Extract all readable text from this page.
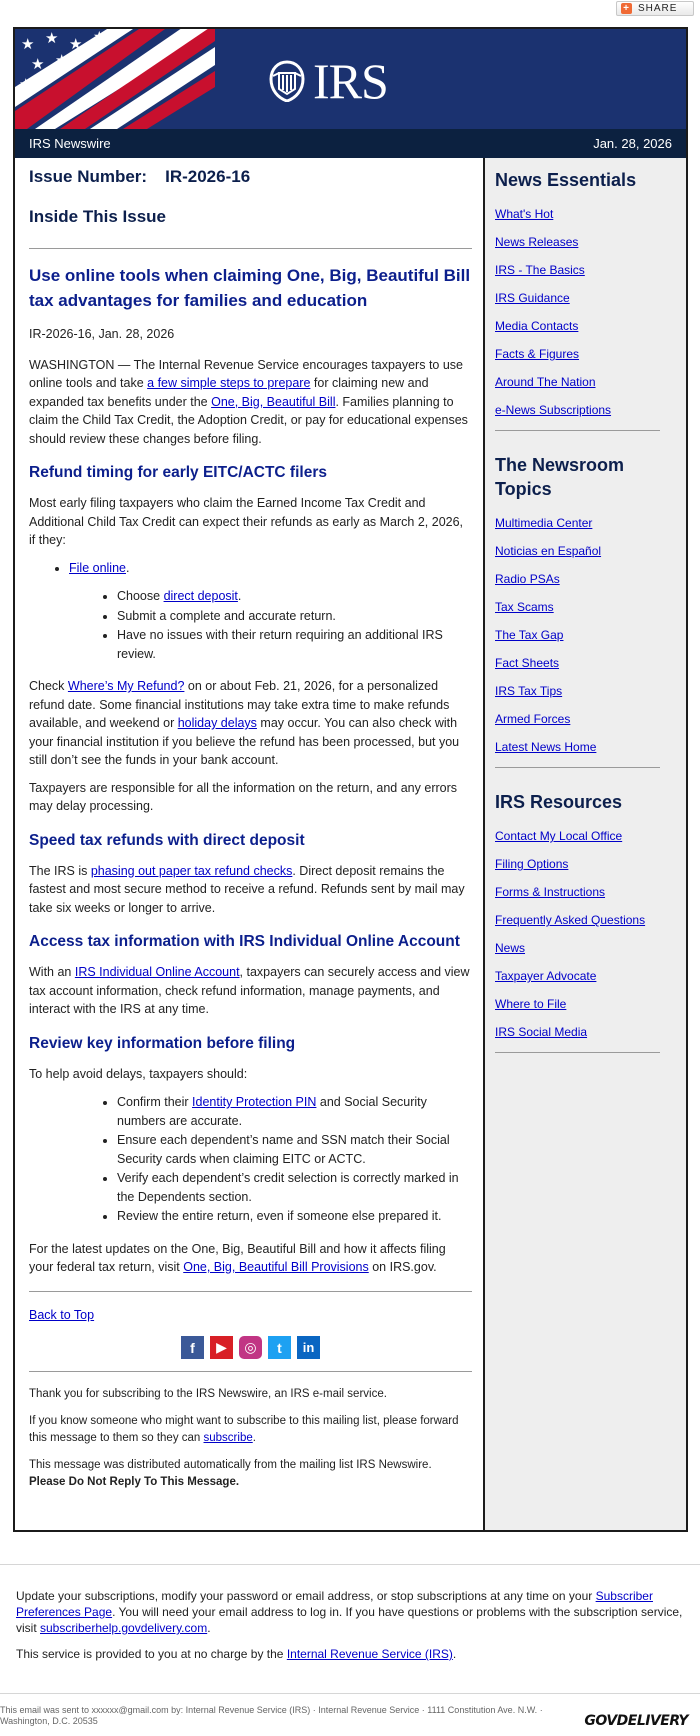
+ SHARE
★ ★ ★ ★
★ ★
★	IRS
IRS Newswire	Jan. 28, 2026

Issue Number: IR-2026-16

Inside This Issue

Use online tools when claiming One, Big, Beautiful Bill tax advantages for families and education

IR-2026-16, Jan. 28, 2026

WASHINGTON — The Internal Revenue Service encourages taxpayers to use online tools and take a few simple steps to prepare for claiming new and expanded tax benefits under the One, Big, Beautiful Bill. Families planning to claim the Child Tax Credit, the Adoption Credit, or pay for educational expenses should review these changes before filing.

Refund timing for early EITC/ACTC filers

Most early filing taxpayers who claim the Earned Income Tax Credit and Additional Child Tax Credit can expect their refunds as early as March 2, 2026, if they:

• File online.
• Choose direct deposit.
• Submit a complete and accurate return.
• Have no issues with their return requiring an additional IRS review.

Check Where’s My Refund? on or about Feb. 21, 2026, for a personalized refund date. Some financial institutions may take extra time to make refunds available, and weekend or holiday delays may occur. You can also check with your financial institution if you believe the refund has been processed, but you still don’t see the funds in your bank account.

Taxpayers are responsible for all the information on the return, and any errors may delay processing.

Speed tax refunds with direct deposit

The IRS is phasing out paper tax refund checks. Direct deposit remains the fastest and most secure method to receive a refund. Refunds sent by mail may take six weeks or longer to arrive.

Access tax information with IRS Individual Online Account

With an IRS Individual Online Account, taxpayers can securely access and view tax account information, check refund information, manage payments, and interact with the IRS at any time.

Review key information before filing

To help avoid delays, taxpayers should:

• Confirm their Identity Protection PIN and Social Security numbers are accurate.
• Ensure each dependent’s name and SSN match their Social Security cards when claiming EITC or ACTC.
• Verify each dependent’s credit selection is correctly marked in the Dependents section.
• Review the entire return, even if someone else prepared it.

For the latest updates on the One, Big, Beautiful Bill and how it affects filing your federal tax return, visit One, Big, Beautiful Bill Provisions on IRS.gov.

Back to Top

f	▶	◎	t	in

Thank you for subscribing to the IRS Newswire, an IRS e-mail service.

If you know someone who might want to subscribe to this mailing list, please forward this message to them so they can subscribe.

This message was distributed automatically from the mailing list IRS Newswire.
Please Do Not Reply To This Message.

News Essentials
What's Hot
News Releases
IRS - The Basics
IRS Guidance
Media Contacts
Facts & Figures
Around The Nation
e-News Subscriptions
The Newsroom Topics
Multimedia Center
Noticias en Español
Radio PSAs
Tax Scams
The Tax Gap
Fact Sheets
IRS Tax Tips
Armed Forces
Latest News Home
IRS Resources
Contact My Local Office
Filing Options
Forms & Instructions
Frequently Asked Questions
News
Taxpayer Advocate
Where to File
IRS Social Media

Update your subscriptions, modify your password or email address, or stop subscriptions at any time on your Subscriber Preferences Page. You will need your email address to log in. If you have questions or problems with the subscription service, visit subscriberhelp.govdelivery.com.

This service is provided to you at no charge by the Internal Revenue Service (IRS).

This email was sent to xxxxxx@gmail.com by: Internal Revenue Service (IRS) · Internal Revenue Service · 1111 Constitution Ave. N.W. · Washington, D.C. 20535	GOVDELIVERY
